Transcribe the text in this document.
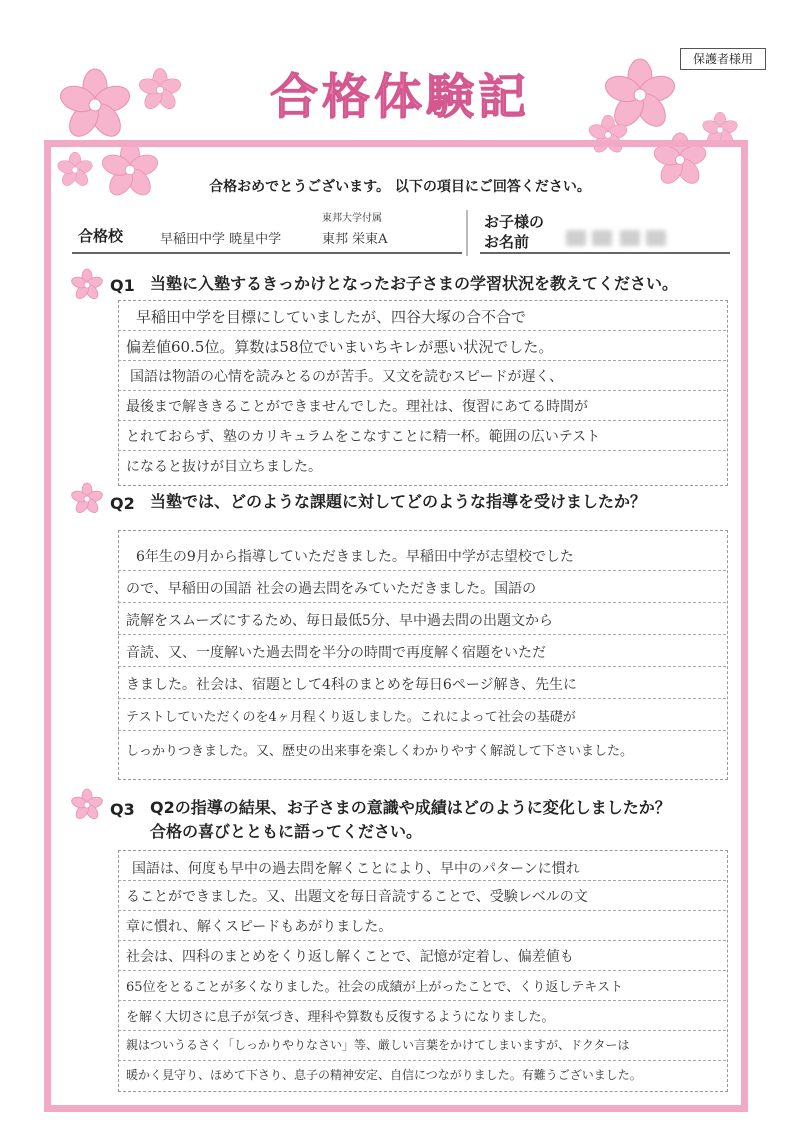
保護者様用
合格体験記
合格おめでとうございます。 以下の項目にご回答ください。
合格校
東邦大学付属
早稲田中学 暁星中学	東邦 栄東A
お子様の
お名前
Q1 当塾に入塾するきっかけとなったお子さまの学習状況を教えてください。
早稲田中学を目標にしていましたが、四谷大塚の合不合で
偏差値60.5位。算数は58位でいまいちキレが悪い状況でした。
国語は物語の心情を読みとるのが苦手。又文を読むスピードが遅く、
最後まで解ききることができませんでした。理社は、復習にあてる時間が
とれておらず、塾のカリキュラムをこなすことに精一杯。範囲の広いテスト
になると抜けが目立ちました。
Q2 当塾では、どのような課題に対してどのような指導を受けましたか？
6年生の9月から指導していただきました。早稲田中学が志望校でした
ので、早稲田の国語 社会の過去問をみていただきました。国語の
読解をスムーズにするため、毎日最低5分、早中過去問の出題文から
音読、又、一度解いた過去問を半分の時間で再度解く宿題をいただ
きました。社会は、宿題として4科のまとめを毎日6ページ解き、先生に
テストしていただくのを4ヶ月程くり返しました。これによって社会の基礎が
しっかりつきました。又、歴史の出来事を楽しくわかりやすく解説して下さいました。
Q3 Q2の指導の結果、お子さまの意識や成績はどのように変化しましたか？
合格の喜びとともに語ってください。
国語は、何度も早中の過去問を解くことにより、早中のパターンに慣れ
ることができました。又、出題文を毎日音読することで、受験レベルの文
章に慣れ、解くスピードもあがりました。
社会は、四科のまとめをくり返し解くことで、記憶が定着し、偏差値も
65位をとることが多くなりました。社会の成績が上がったことで、くり返しテキスト
を解く大切さに息子が気づき、理科や算数も反復するようになりました。
親はついうるさく「しっかりやりなさい」等、厳しい言葉をかけてしまいますが、ドクターは
暖かく見守り、ほめて下さり、息子の精神安定、自信につながりました。有難うございました。
